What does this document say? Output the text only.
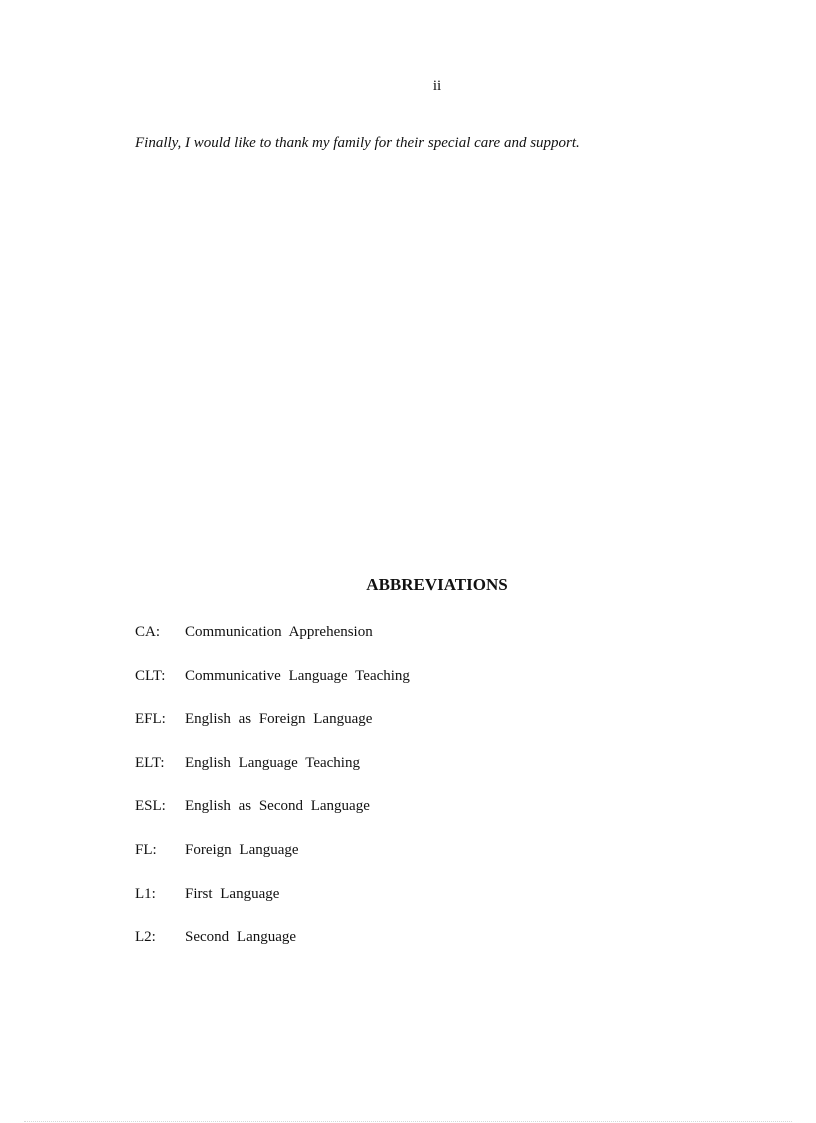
ii

Finally, I would like to thank my family for their special care and support.

ABBREVIATIONS
CA:	Communication Apprehension
CLT:	Communicative Language Teaching
EFL:	English as Foreign Language
ELT:	English Language Teaching
ESL:	English as Second Language
FL:	Foreign Language
L1:	First Language
L2:	Second Language
